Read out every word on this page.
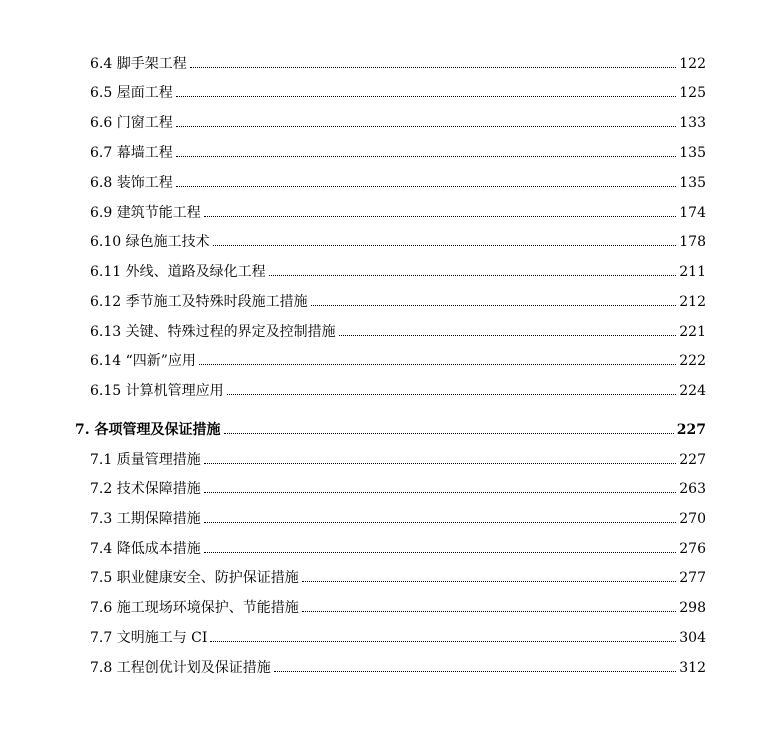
6.4 脚手架工程	122
6.5 屋面工程	125
6.6 门窗工程	133
6.7 幕墙工程	135
6.8 装饰工程	135
6.9 建筑节能工程	174
6.10 绿色施工技术	178
6.11 外线、道路及绿化工程	211
6.12 季节施工及特殊时段施工措施	212
6.13 关键、特殊过程的界定及控制措施	221
6.14 “四新”应用	222
6.15 计算机管理应用	224
7. 各项管理及保证措施	227
7.1 质量管理措施	227
7.2 技术保障措施	263
7.3 工期保障措施	270
7.4 降低成本措施	276
7.5 职业健康安全、防护保证措施	277
7.6 施工现场环境保护、节能措施	298
7.7 文明施工与 CI	304
7.8 工程创优计划及保证措施	312
